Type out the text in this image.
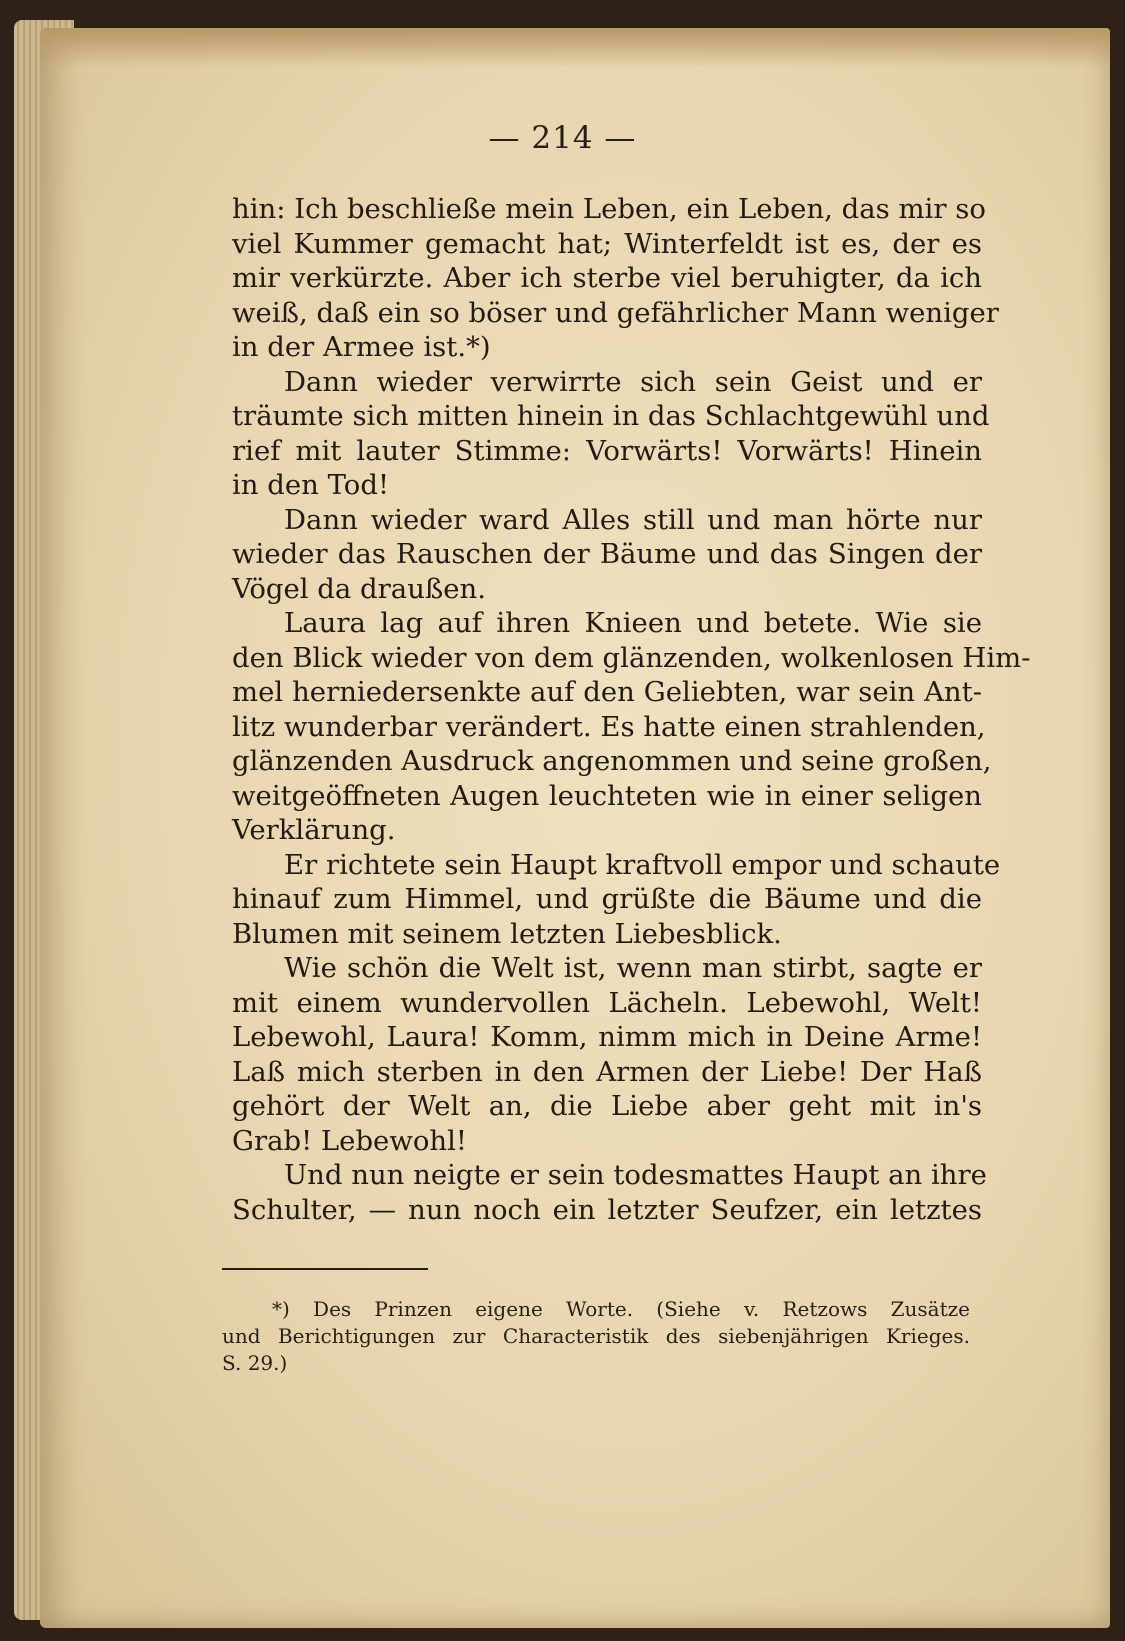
— 214 —
hin: Ich beschließe mein Leben, ein Leben, das mir so
viel Kummer gemacht hat; Winterfeldt ist es, der es
mir verkürzte. Aber ich sterbe viel beruhigter, da ich
weiß, daß ein so böser und gefährlicher Mann weniger
in der Armee ist.*)
Dann wieder verwirrte sich sein Geist und er
träumte sich mitten hinein in das Schlachtgewühl und
rief mit lauter Stimme: Vorwärts! Vorwärts! Hinein
in den Tod!
Dann wieder ward Alles still und man hörte nur
wieder das Rauschen der Bäume und das Singen der
Vögel da draußen.
Laura lag auf ihren Knieen und betete. Wie sie
den Blick wieder von dem glänzenden, wolkenlosen Him-
mel herniedersenkte auf den Geliebten, war sein Ant-
litz wunderbar verändert. Es hatte einen strahlenden,
glänzenden Ausdruck angenommen und seine großen,
weitgeöffneten Augen leuchteten wie in einer seligen
Verklärung.
Er richtete sein Haupt kraftvoll empor und schaute
hinauf zum Himmel, und grüßte die Bäume und die
Blumen mit seinem letzten Liebesblick.
Wie schön die Welt ist, wenn man stirbt, sagte er
mit einem wundervollen Lächeln. Lebewohl, Welt!
Lebewohl, Laura! Komm, nimm mich in Deine Arme!
Laß mich sterben in den Armen der Liebe! Der Haß
gehört der Welt an, die Liebe aber geht mit in's
Grab! Lebewohl!
Und nun neigte er sein todesmattes Haupt an ihre
Schulter, — nun noch ein letzter Seufzer, ein letztes
*) Des Prinzen eigene Worte. (Siehe v. Retzows Zusätze
und Berichtigungen zur Characteristik des siebenjährigen Krieges.
S. 29.)
